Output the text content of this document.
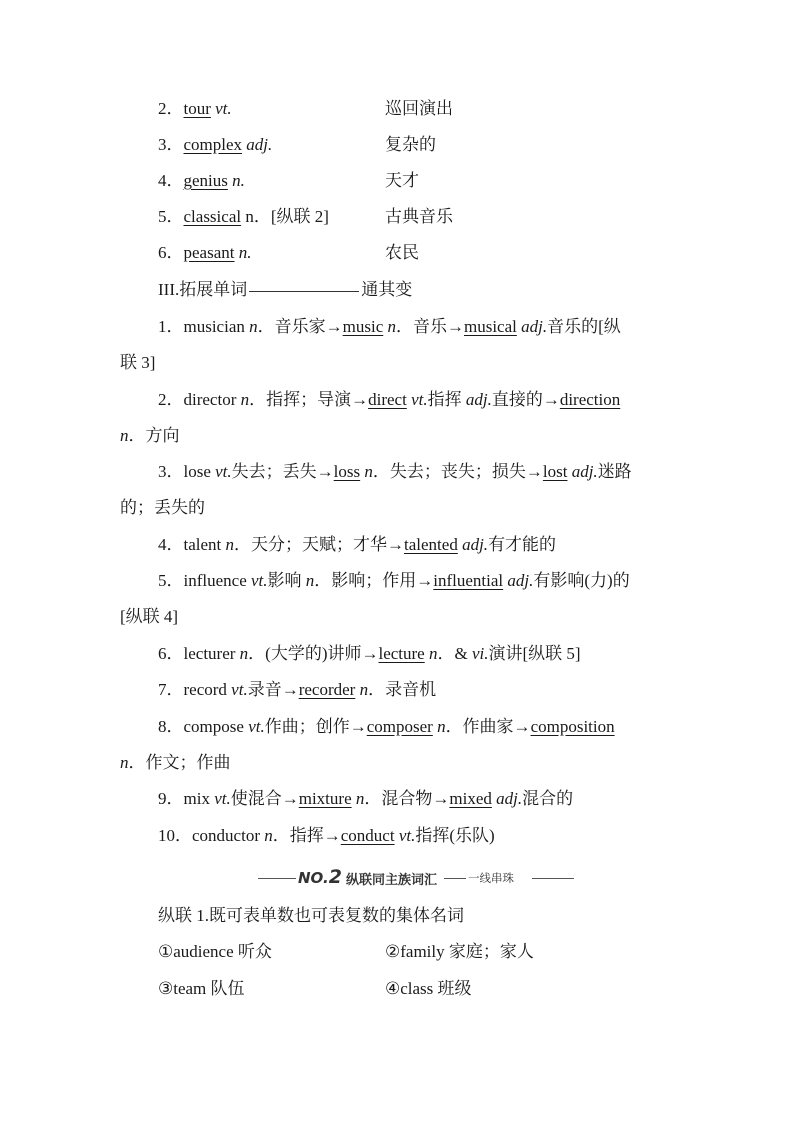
2．tour vt.	巡回演出
3．complex adj.	复杂的
4．genius n.	天才
5．classical n．[纵联 2]	古典音乐
6．peasant n.	农民
III.拓展单词	通其变
1．musician n．音乐家→music n．音乐→musical adj.音乐的[纵
联 3]
2．director n．指挥；导演→direct vt.指挥 adj.直接的→direction
n．方向
3．lose vt.失去；丢失→loss n．失去；丧失；损失→lost adj.迷路
的；丢失的
4．talent n．天分；天赋；才华→talented adj.有才能的
5．influence vt.影响 n．影响；作用→influential adj.有影响(力)的
[纵联 4]
6．lecturer n．(大学的)讲师→lecture n．& vi.演讲[纵联 5]
7．record vt.录音→recorder n．录音机
8．compose vt.作曲；创作→composer n．作曲家→composition
n．作文；作曲
9．mix vt.使混合→mixture n．混合物→mixed adj.混合的
10．conductor n．指挥→conduct vt.指挥(乐队)
NO.2 纵联同主族词汇	一线串珠
纵联 1.既可表单数也可表复数的集体名词
①audience 听众	②family 家庭；家人
③team 队伍	④class 班级
